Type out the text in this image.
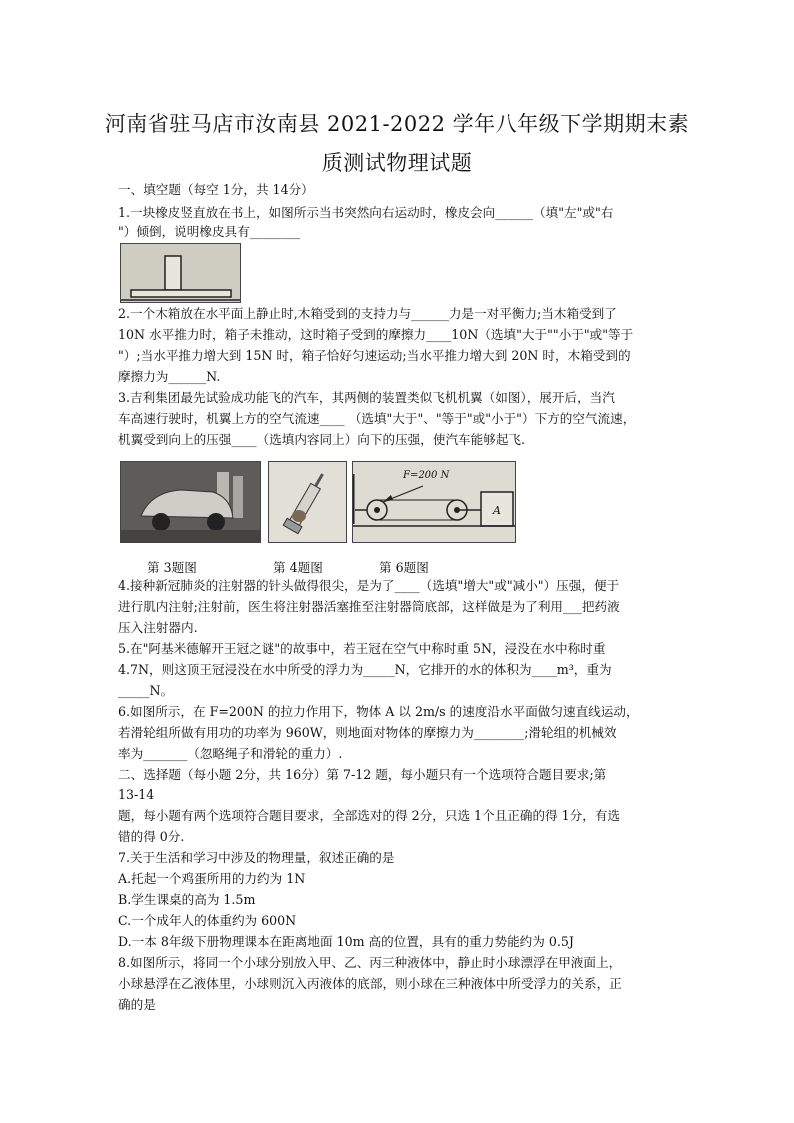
河南省驻马店市汝南县 2021-2022 学年八年级下学期期末素
质测试物理试题
一、填空题（每空 1分，共 14分）
1.一块橡皮竖直放在书上，如图所示当书突然向右运动时，橡皮会向______（填"左"或"右
"）倾倒，说明橡皮具有________
2.一个木箱放在水平面上静止时,木箱受到的支持力与______力是一对平衡力;当木箱受到了
10N 水平推力时，箱子未推动，这时箱子受到的摩擦力____10N（选填"大于""小于"或"等于
"）;当水平推力增大到 15N 时，箱子恰好匀速运动;当水平推力增大到 20N 时，木箱受到的
摩擦力为______N.
3.吉利集团最先试验成功能飞的汽车，其两侧的装置类似飞机机翼（如图），展开后，当汽
车高速行驶时，机翼上方的空气流速____ （选填"大于"、"等于"或"小于"）下方的空气流速，
机翼受到向上的压强____（选填内容同上）向下的压强，使汽车能够起飞.
F=200 N
A
第 3题图	第 4题图	第 6题图
4.接种新冠肺炎的注射器的针头做得很尖，是为了____（选填"增大"或"减小"）压强，便于
进行肌内注射;注射前，医生将注射器活塞推至注射器筒底部，这样做是为了利用___把药液
压入注射器内.
5.在"阿基米德解开王冠之谜"的故事中，若王冠在空气中称时重 5N，浸没在水中称时重
4.7N，则这顶王冠浸没在水中所受的浮力为_____N，它排开的水的体积为____m³，重为
_____N。
6.如图所示，在 F=200N 的拉力作用下，物体 A 以 2m/s 的速度沿水平面做匀速直线运动，
若滑轮组所做有用功的功率为 960W，则地面对物体的摩擦力为________;滑轮组的机械效
率为_______（忽略绳子和滑轮的重力）.
二、选择题（每小题 2分，共 16分）第 7-12 题，每小题只有一个选项符合题目要求;第
13-14
题，每小题有两个选项符合题目要求，全部选对的得 2分，只选 1个且正确的得 1分，有选
错的得 0分.
7.关于生活和学习中涉及的物理量，叙述正确的是
A.托起一个鸡蛋所用的力约为 1N
B.学生课桌的高为 1.5m
C.一个成年人的体重约为 600N
D.一本 8年级下册物理课本在距离地面 10m 高的位置，具有的重力势能约为 0.5J
8.如图所示，将同一个小球分别放入甲、乙、丙三种液体中，静止时小球漂浮在甲液面上，
小球悬浮在乙液体里，小球则沉入丙液体的底部，则小球在三种液体中所受浮力的关系，正
确的是
